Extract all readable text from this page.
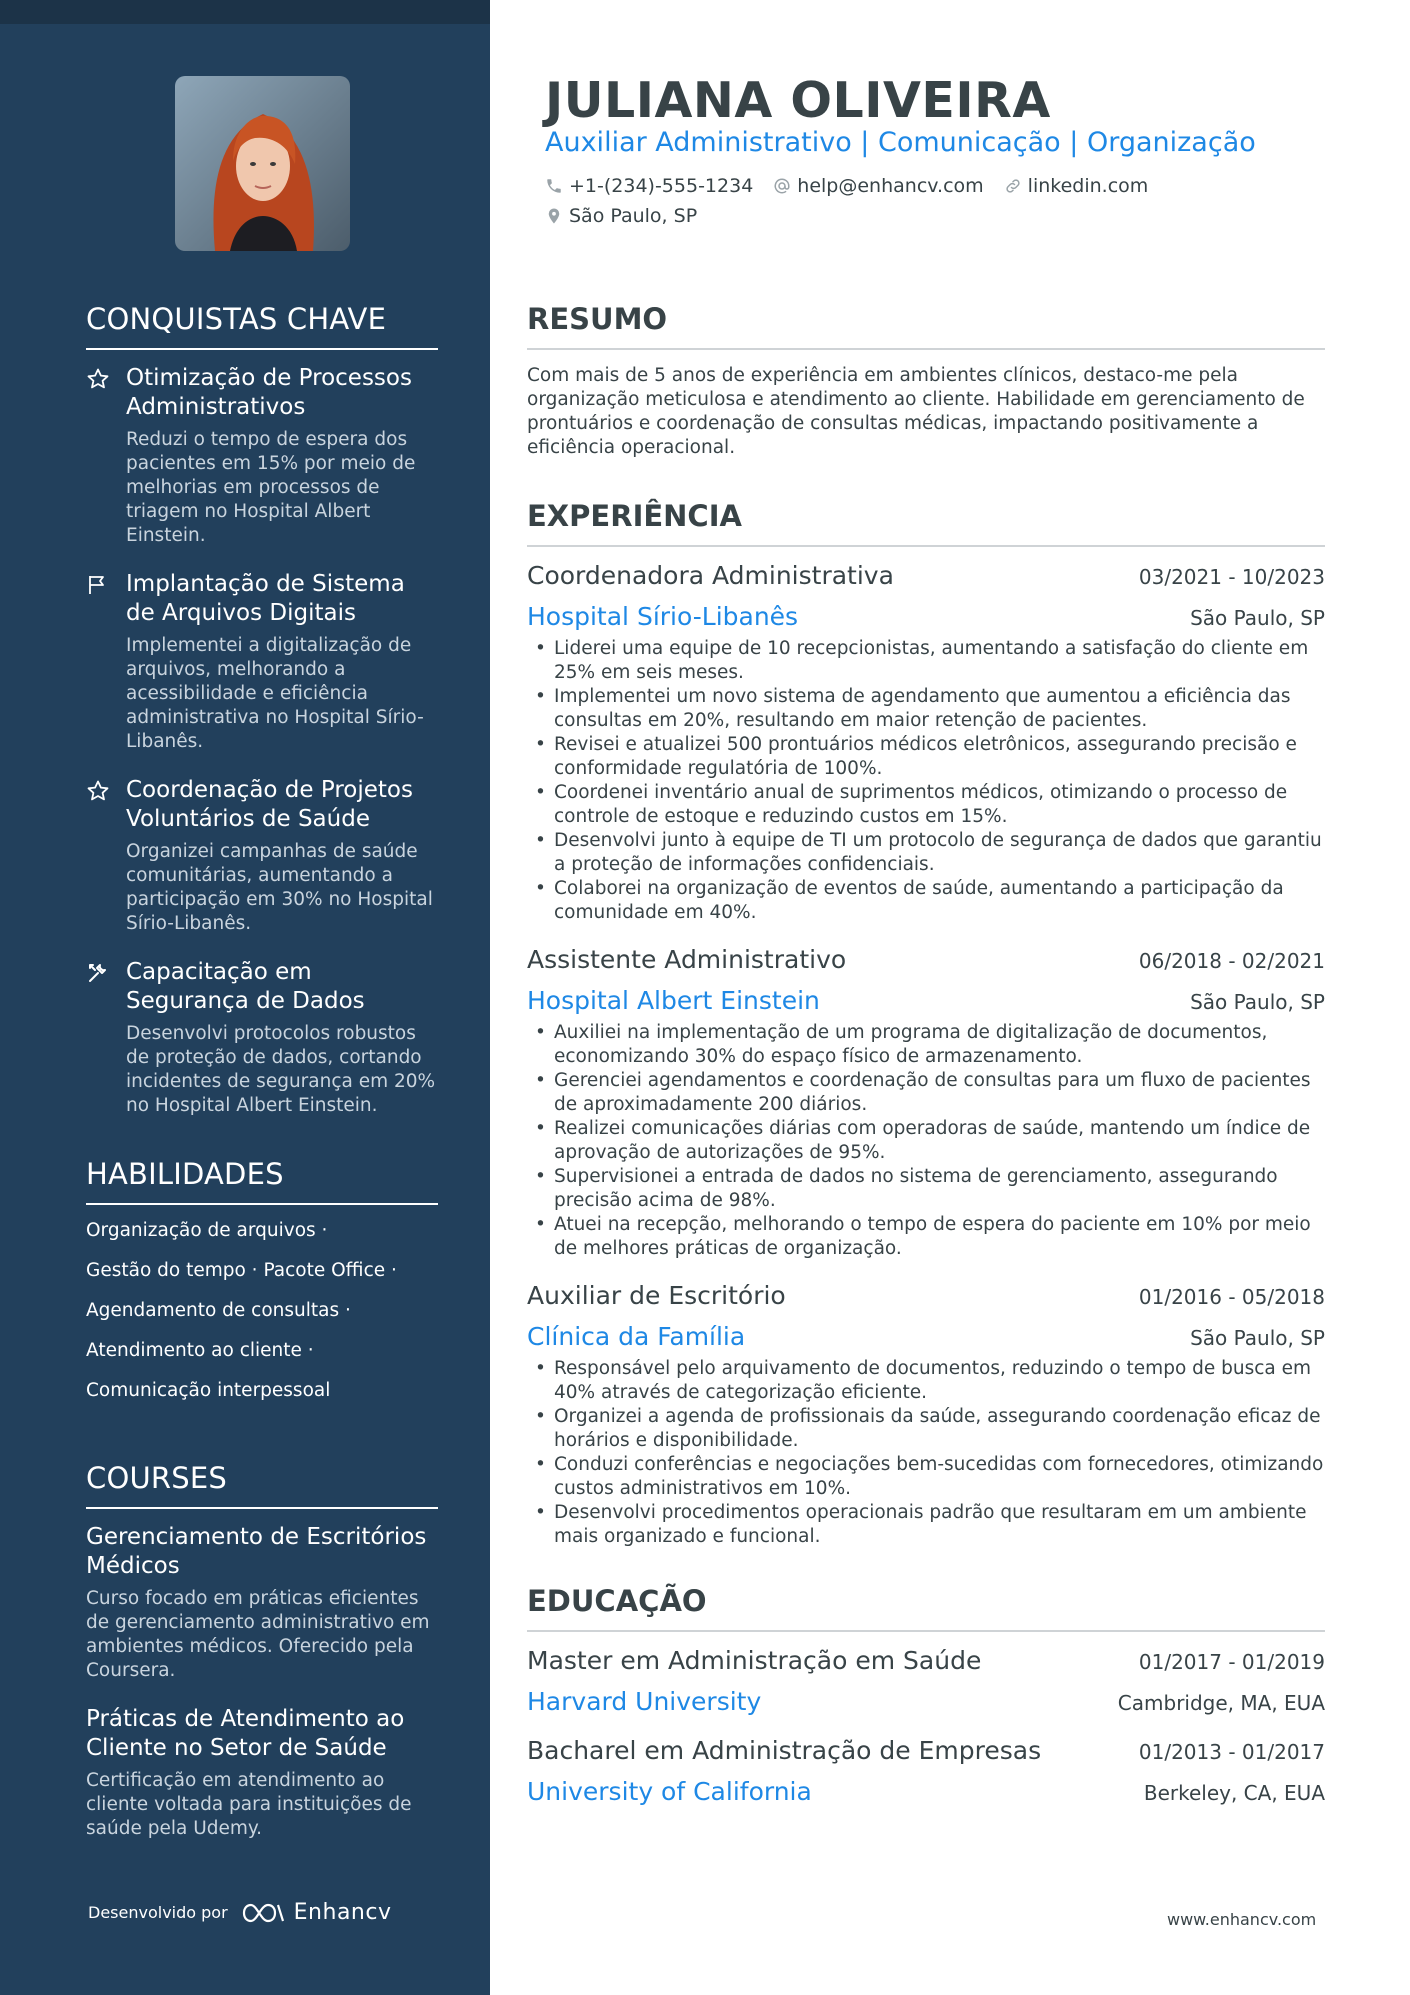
CONQUISTAS CHAVE
Otimização de Processos Administrativos
Reduzi o tempo de espera dos pacientes em 15% por meio de melhorias em processos de triagem no Hospital Albert Einstein.
Implantação de Sistema de Arquivos Digitais
Implementei a digitalização de arquivos, melhorando a acessibilidade e eficiência administrativa no Hospital Sírio-Libanês.
Coordenação de Projetos Voluntários de Saúde
Organizei campanhas de saúde comunitárias, aumentando a participação em 30% no Hospital Sírio-Libanês.
Capacitação em Segurança de Dados
Desenvolvi protocolos robustos de proteção de dados, cortando incidentes de segurança em 20% no Hospital Albert Einstein.
HABILIDADES
Organização de arquivos ·
Gestão do tempo · Pacote Office ·
Agendamento de consultas ·
Atendimento ao cliente ·
Comunicação interpessoal
COURSES
Gerenciamento de Escritórios Médicos
Curso focado em práticas eficientes de gerenciamento administrativo em ambientes médicos. Oferecido pela Coursera.
Práticas de Atendimento ao Cliente no Setor de Saúde
Certificação em atendimento ao cliente voltada para instituições de saúde pela Udemy.
Desenvolvido por	Enhancv
JULIANA OLIVEIRA
Auxiliar Administrativo | Comunicação | Organização
+1-(234)-555-1234 help@enhancv.com linkedin.com
São Paulo, SP
RESUMO

Com mais de 5 anos de experiência em ambientes clínicos, destaco-me pela organização meticulosa e atendimento ao cliente. Habilidade em gerenciamento de prontuários e coordenação de consultas médicas, impactando positivamente a eficiência operacional.

EXPERIÊNCIA
Coordenadora Administrativa	03/2021 - 10/2023
Hospital Sírio-Libanês	São Paulo, SP
• Liderei uma equipe de 10 recepcionistas, aumentando a satisfação do cliente em 25% em seis meses.
• Implementei um novo sistema de agendamento que aumentou a eficiência das consultas em 20%, resultando em maior retenção de pacientes.
• Revisei e atualizei 500 prontuários médicos eletrônicos, assegurando precisão e conformidade regulatória de 100%.
• Coordenei inventário anual de suprimentos médicos, otimizando o processo de controle de estoque e reduzindo custos em 15%.
• Desenvolvi junto à equipe de TI um protocolo de segurança de dados que garantiu a proteção de informações confidenciais.
• Colaborei na organização de eventos de saúde, aumentando a participação da comunidade em 40%.
Assistente Administrativo	06/2018 - 02/2021
Hospital Albert Einstein	São Paulo, SP
• Auxiliei na implementação de um programa de digitalização de documentos, economizando 30% do espaço físico de armazenamento.
• Gerenciei agendamentos e coordenação de consultas para um fluxo de pacientes de aproximadamente 200 diários.
• Realizei comunicações diárias com operadoras de saúde, mantendo um índice de aprovação de autorizações de 95%.
• Supervisionei a entrada de dados no sistema de gerenciamento, assegurando precisão acima de 98%.
• Atuei na recepção, melhorando o tempo de espera do paciente em 10% por meio de melhores práticas de organização.
Auxiliar de Escritório	01/2016 - 05/2018
Clínica da Família	São Paulo, SP
• Responsável pelo arquivamento de documentos, reduzindo o tempo de busca em 40% através de categorização eficiente.
• Organizei a agenda de profissionais da saúde, assegurando coordenação eficaz de horários e disponibilidade.
• Conduzi conferências e negociações bem-sucedidas com fornecedores, otimizando custos administrativos em 10%.
• Desenvolvi procedimentos operacionais padrão que resultaram em um ambiente mais organizado e funcional.
EDUCAÇÃO
Master em Administração em Saúde	01/2017 - 01/2019
Harvard University	Cambridge, MA, EUA
Bacharel em Administração de Empresas	01/2013 - 01/2017
University of California	Berkeley, CA, EUA
www.enhancv.com
